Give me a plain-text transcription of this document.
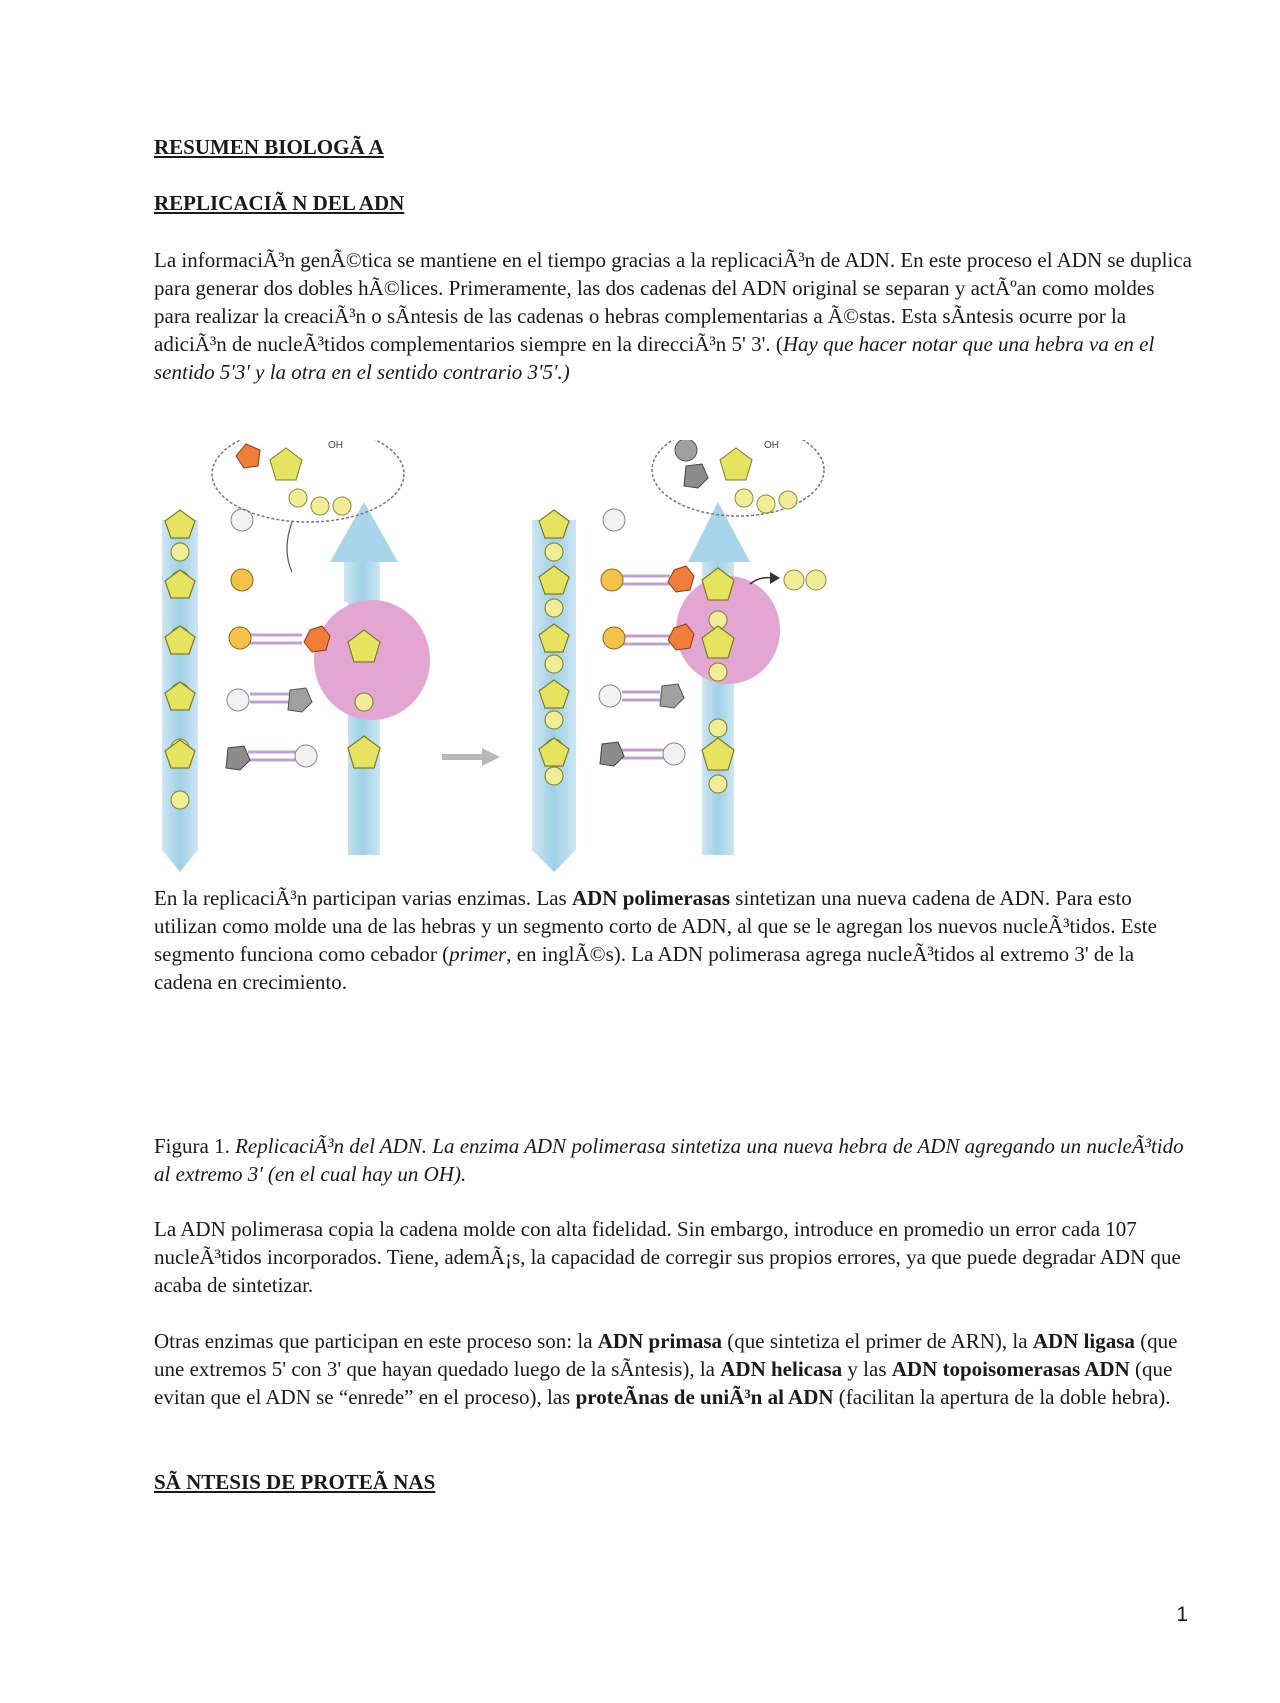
RESUMEN BIOLOGÃ A
REPLICACIÃ N DEL ADN

La informaciÃ³n genÃ©tica se mantiene en el tiempo gracias a la replicaciÃ³n de ADN. En este proceso el ADN se duplica para generar dos dobles hÃ©lices. Primeramente, las dos cadenas del ADN original se separan y actÃºan como moldes para realizar la creaciÃ³n o sÃntesis de las cadenas o hebras complementarias a Ã©stas. Esta sÃntesis ocurre por la adiciÃ³n de nucleÃ³tidos complementarios siempre en la direcciÃ³n 5' 3'. (Hay que hacer notar que una hebra va en el sentido 5'3' y la otra en el sentido contrario 3'5'.)

OH	OH

En la replicaciÃ³n participan varias enzimas. Las ADN polimerasas sintetizan una nueva cadena de ADN. Para esto utilizan como molde una de las hebras y un segmento corto de ADN, al que se le agregan los nuevos nucleÃ³tidos. Este segmento funciona como cebador (primer, en inglÃ©s). La ADN polimerasa agrega nucleÃ³tidos al extremo 3' de la cadena en crecimiento.

Figura 1. ReplicaciÃ³n del ADN. La enzima ADN polimerasa sintetiza una nueva hebra de ADN agregando un nucleÃ³tido al extremo 3' (en el cual hay un OH).

La ADN polimerasa copia la cadena molde con alta fidelidad. Sin embargo, introduce en promedio un error cada 107 nucleÃ³tidos incorporados. Tiene, ademÃ¡s, la capacidad de corregir sus propios errores, ya que puede degradar ADN que acaba de sintetizar.

Otras enzimas que participan en este proceso son: la ADN primasa (que sintetiza el primer de ARN), la ADN ligasa (que une extremos 5' con 3' que hayan quedado luego de la sÃntesis), la ADN helicasa y las ADN topoisomerasas ADN (que evitan que el ADN se “enrede” en el proceso), las proteÃnas de uniÃ³n al ADN (facilitan la apertura de la doble hebra).

SÃ NTESIS DE PROTEÃ NAS
1
